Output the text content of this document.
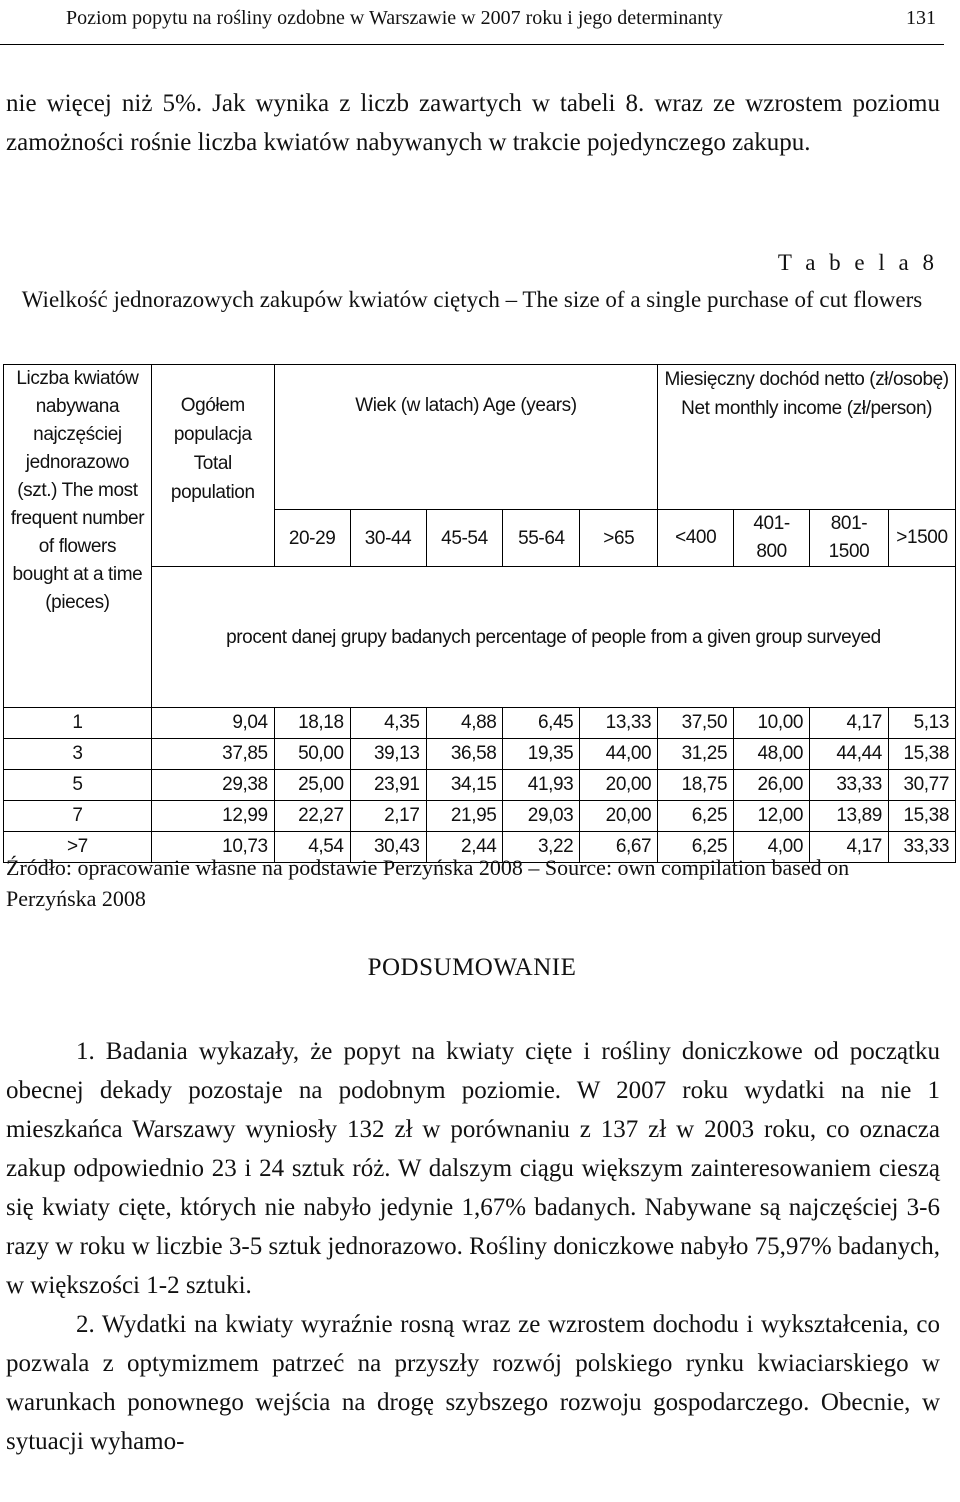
Poziom popytu na rośliny ozdobne w Warszawie w 2007 roku i jego determinanty	131

nie więcej niż 5%. Jak wynika z liczb zawartych w tabeli 8. wraz ze wzrostem poziomu zamożności rośnie liczba kwiatów nabywanych w trakcie pojedynczego zakupu.

T a b e l a 8
Wielkość jednorazowych zakupów kwiatów ciętych – The size of a single purchase of cut flowers
Liczba kwiatów nabywana najczęściej jednorazowo (szt.) The most frequent number of flowers bought at a time (pieces)	Ogółem populacja Total population	Wiek (w latach) Age (years)					Miesięczny dochód netto (zł/osobę) Net monthly income (zł/person)			
		20-29	30-44	45-54	55-64	>65	<400	401-800	801-1500	>1500
	procent danej grupy badanych percentage of people from a given group surveyed									
1	9,04	18,18	4,35	4,88	6,45	13,33	37,50	10,00	4,17	5,13
3	37,85	50,00	39,13	36,58	19,35	44,00	31,25	48,00	44,44	15,38
5	29,38	25,00	23,91	34,15	41,93	20,00	18,75	26,00	33,33	30,77
7	12,99	22,27	2,17	21,95	29,03	20,00	6,25	12,00	13,89	15,38
>7	10,73	4,54	30,43	2,44	3,22	6,67	6,25	4,00	4,17	33,33
Źródło: opracowanie własne na podstawie Perzyńska 2008 – Source: own compilation based on Perzyńska 2008
PODSUMOWANIE

1. Badania wykazały, że popyt na kwiaty cięte i rośliny doniczkowe od początku obecnej dekady pozostaje na podobnym poziomie. W 2007 roku wydatki na nie 1 mieszkańca Warszawy wyniosły 132 zł w porównaniu z 137 zł w 2003 roku, co oznacza zakup odpowiednio 23 i 24 sztuk róż. W dalszym ciągu większym zainteresowaniem cieszą się kwiaty cięte, których nie nabyło jedynie 1,67% badanych. Nabywane są najczęściej 3-6 razy w roku w liczbie 3-5 sztuk jednorazowo. Rośliny doniczkowe nabyło 75,97% badanych, w większości 1-2 sztuki.

2. Wydatki na kwiaty wyraźnie rosną wraz ze wzrostem dochodu i wykształcenia, co pozwala z optymizmem patrzeć na przyszły rozwój polskiego rynku kwiaciarskiego w warunkach ponownego wejścia na drogę szybszego rozwoju gospodarczego. Obecnie, w sytuacji wyhamo-
